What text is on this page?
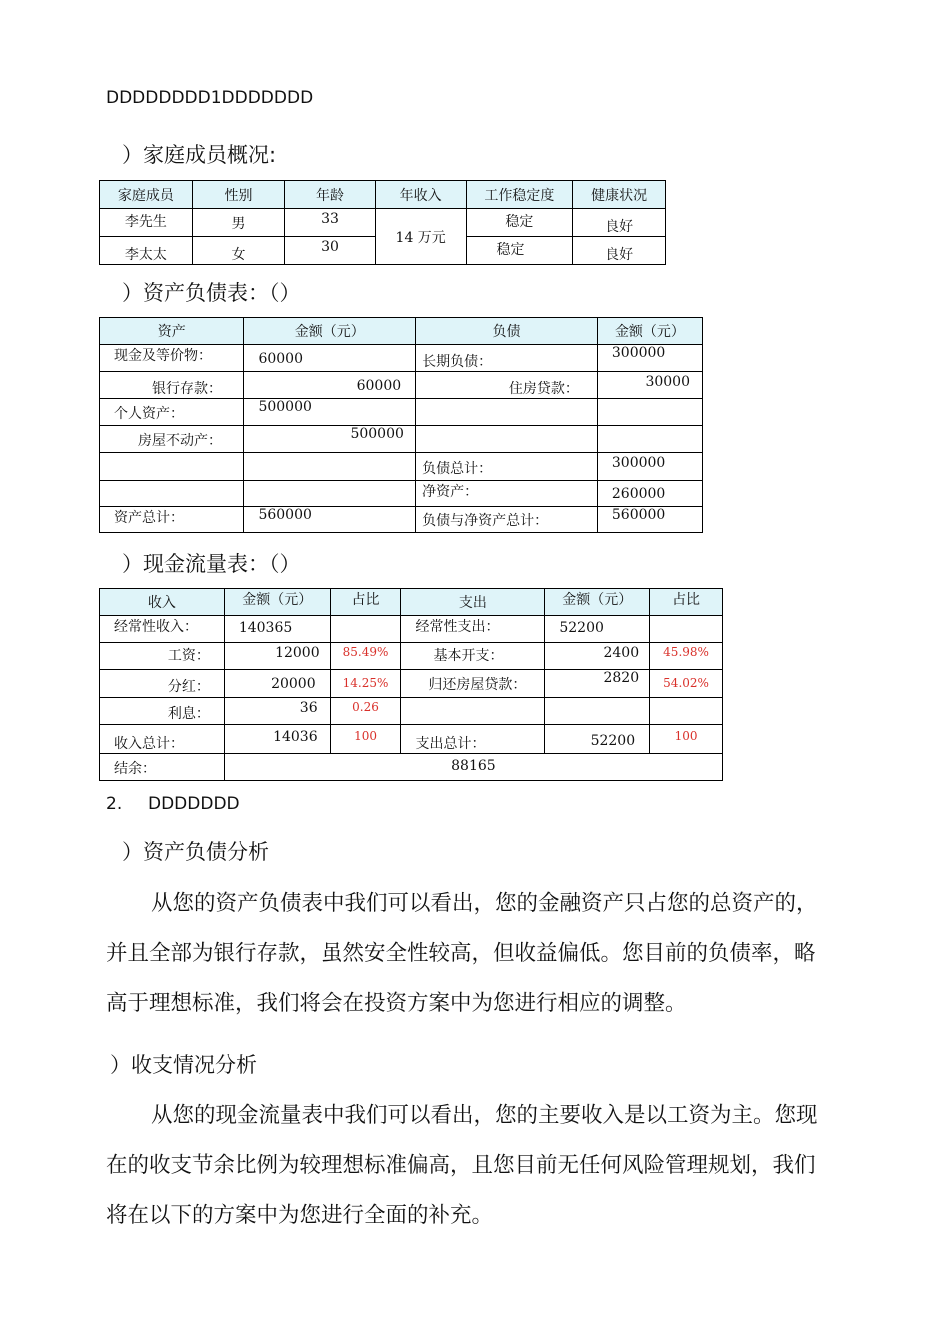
DDDDDDDD1DDDDDDD
）家庭成员概况:
家庭成员	性别	年龄	年收入	工作稳定度	健康状况
李先生	男	33	14 万元	稳定	良好
李太太	女	30		稳定	良好
）资产负债表：（）
资产	金额（元）	负债	金额（元）
现金及等价物：	60000	长期负债：	300000
银行存款：	60000	住房贷款：	30000
个人资产：	500000		
房屋不动产：	500000		
		负债总计：	300000
		净资产：	260000
资产总计：	560000	负债与净资产总计：	560000
）现金流量表：（）
收入	金额（元）	占比	支出	金额（元）	占比
经常性收入：	140365		经常性支出：	52200	
工资：	12000	85.49%	基本开支：	2400	45.98%
分红：	20000	14.25%	归还房屋贷款：	2820	54.02%
利息：	36	0.26			
收入总计：	14036	100	支出总计：	52200	100
结余：	88165				
2. DDDDDDD
）资产负债分析
从您的资产负债表中我们可以看出，您的金融资产只占您的总资产的，
并且全部为银行存款，虽然安全性较高，但收益偏低。您目前的负债率，略
高于理想标准，我们将会在投资方案中为您进行相应的调整。
）收支情况分析
从您的现金流量表中我们可以看出，您的主要收入是以工资为主。您现
在的收支节余比例为较理想标准偏高，且您目前无任何风险管理规划，我们
将在以下的方案中为您进行全面的补充。
